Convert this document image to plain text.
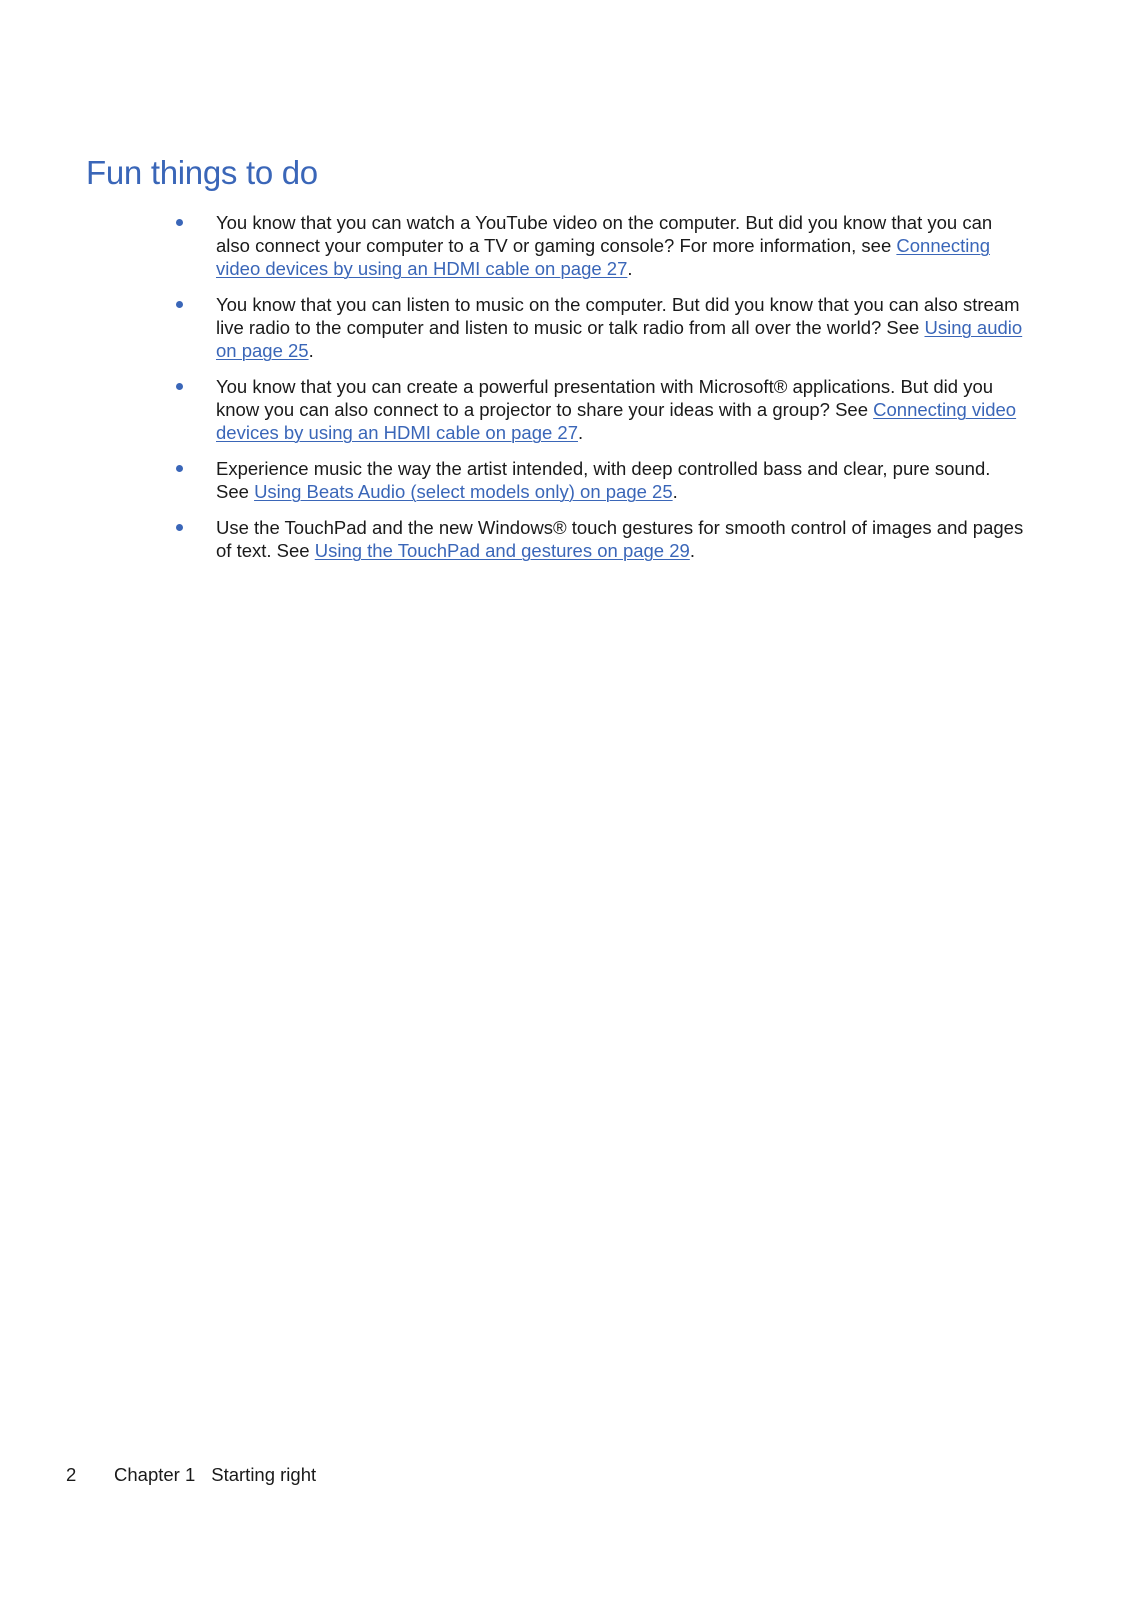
Fun things to do
You know that you can watch a YouTube video on the computer. But did you know that you can also connect your computer to a TV or gaming console? For more information, see Connecting video devices by using an HDMI cable on page 27.
You know that you can listen to music on the computer. But did you know that you can also stream live radio to the computer and listen to music or talk radio from all over the world? See Using audio on page 25.
You know that you can create a powerful presentation with Microsoft® applications. But did you know you can also connect to a projector to share your ideas with a group? See Connecting video devices by using an HDMI cable on page 27.
Experience music the way the artist intended, with deep controlled bass and clear, pure sound. See Using Beats Audio (select models only) on page 25.
Use the TouchPad and the new Windows® touch gestures for smooth control of images and pages of text. See Using the TouchPad and gestures on page 29.
2 Chapter 1 Starting right
